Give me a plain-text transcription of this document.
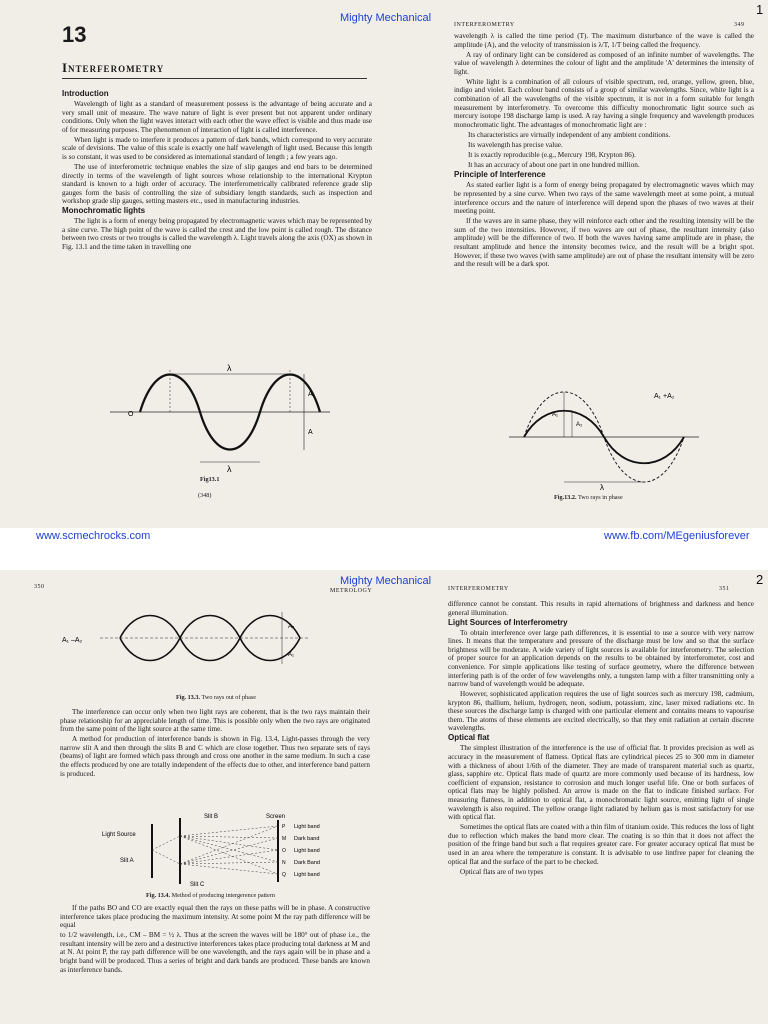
13
Interferometry

Introduction

Wavelength of light as a standard of measurement possess is the advantage of being accurate and a very small unit of measure. The wave nature of light is ever present but not apparent under ordinary conditions. Only when the light waves interact with each other the wave effect is visible and thus made use of for measuring purposes. The phenomenon of interaction of light is called interference.

When light is made to interfere it produces a pattern of dark bands, which correspond to very accurate scale of devisions. The value of this scale is exactly one half wavelength of light used. Because this length is so constant, it was used to be considered as international standard of length ; a few years ago.

The use of interferometric technique enables the size of slip gauges and end bars to be determined directly in terms of the wavelength of light sources whose relationship to the international Krypton standard is known to a high order of accuracy. The interferometrically calibrated reference grade slip gauges form the basis of controlling the size of subsidiary length standards, such as inspection and workshop grade slip gauges, setting masters etc., used in manufacturing industries.

Monochromatic lights

The light is a form of energy being propagated by electromagnetic waves which may be represented by a sine curve. The high point of the wave is called the crest and the low point is called rough. The distance between two crests or two troughs is called the wavelength λ. Light travels along the axis (OX) as shown in Fig. 13.1 and the time taken in travelling one

λ
λ
O
A
A
Fig13.1
(348)
INTERFEROMETRY	349

wavelength λ is called the time period (T). The maximum disturbance of the wave is called the amplitude (A), and the velocity of transmission is λ/T, 1/T being called the frequency.

A ray of ordinary light can be considered as composed of an infinite number of wavelengths. The value of wavelength λ determines the colour of light and the amplitude 'A' determines the intensity of light.

White light is a combination of all colours of visible spectrum, red, orange, yellow, green, blue, indigo and violet. Each colour band consists of a group of similar wavelengths. Since, white light is a combination of all the wavelengths of the visible spectrum, it is not in a form suitable for length measurement by interferometry. To overcome this difficulty monochromatic light source such as mercury isotope 198 discharge lamp is used. A ray having a single frequency and wavelength produces monochromatic light. The advantages of monochromatic light are :

Its characteristics are virtually independent of any ambient conditions.
Its wavelength has precise value.
It is exactly reproducible (e.g., Mercury 198, Krypton 86).
It has an accuracy of about one part in one hundred million.

Principle of Interference

As stated earlier light is a form of energy being propagated by electromagnetic waves which may be represented by a sine curve. When two rays of the same wavelength meet at some point, a mutual interference occurs and the nature of interference will depend upon the phases of two waves at their meeting point.

If the waves are in same phase, they will reinforce each other and the resulting intensity will be the sum of the two intensities. However, if two waves are out of phase, the resultant intensity (also amplitude) will be the difference of two. If both the waves having same amplitude are in phase, the resultant amplitude and hence the intensity becomes twice, and the result will be a bright spot. However, if these two waves (with same amplitude) are out of phase the resultant intensity will be zero and the result will be a dark spot.

A₁ +A₂
A₁
A₂
λ
Fig.13.2. Two rays in phase
350
METROLOGY
A₁ –A₂
A₂
A₁
Fig. 13.3. Two rays out of phase

The interference can occur only when two light rays are coherent, that is the two rays maintain their phase relationship for an appreciable length of time. This is possible only when the two rays are originated from the same point of the light source at the same time.

A method for production of interference bands is shown in Fig. 13.4, Light-passes through the very narrow slit A and then through the slits B and C which are close together. Thus two separate sets of rays (beams) of light are formed which pass through and cross one another in the same medium. In such a case the effects produced by one are totally independent of the effects due to other, and interference band pattern is produced.

Slit B	Screen
Light Source
Slit A
Slit C
P
M
O
N
Q
Light band
Dark band
Light band
Dark Band
Light band
Fig. 13.4. Method of producing intergerence pattern

If the paths BO and CO are exactly equal then the rays on these paths will be in phase. A constructive interference takes place producing the maximum intensity. At some point M the ray path difference will be equal

to 1/2 wavelength, i.e., CM – BM = ½ λ. Thus at the screen the waves will be 180° out of phase i.e., the resultant intensity will be zero and a destructive interferences takes place producing total darkness at M and at N. At point P, the ray path difference will be one wavelength, and the rays again will be in phase and a bright band will be produced. Thus a series of bright and dark bands are produced. These bands are known as interference bands.

INTERFEROMETRY	351

difference cannot be constant. This results in rapid alternations of brightness and darkness and hence general illumination.

Light Sources of Interferometry

To obtain interference over large path differences, it is essential to use a source with very narrow lines. It means that the temperature and pressure of the discharge must be low and so that the surface brightness will be moderate. A wide variety of light sources is available for interferometry. The selection of proper source for an application depends on the results to be obtained by interferometer, cost and convenience. For simple applications like testing of surface geometry, where the difference between interfering path is of the order of few wavelengths only, a tungsten lamp with a filter transmitting only a narrow band of wavelength would be adequate.

However, sophisticated application requires the use of light sources such as mercury 198, cadmium, krypton 86, thallium, helium, hydrogen, neon, sodium, potassium, zinc, laser mixed radiations etc. In these sources the discharge lamp is charged with one particular element and contains means to vapourise them. The atoms of these elements are excited electrically, so that they emit radiation at certain discrete wavelengths.

Optical flat

The simplest illustration of the interference is the use of official flat. It provides precision as well as accuracy in the measurement of flatness. Optical flats are cylindrical pieces 25 to 300 mm in diameter with a thickness of about 1/6th of the diameter. They are made of transparent material such as quartz, glass, sapphire etc. Optical flats made of quartz are more commonly used because of its hardness, low coefficient of expansion, resistance to corrosion and much longer useful life. One or both surfaces of optical flats may be highly polished. An arrow is made on the flat to indicate finished surface. For measuring flatness, in addition to optical flat, a monochromatic light source, emitting light of single wavelength is also required. The yellow orange light radiated by helium gas is most satisfactory for use with optical flat.

Sometimes the optical flats are coated with a thin film of titanium oxide. This reduces the loss of light due to reflection which makes the band more clear. The coating is so thin that it does not affect the position of the fringe band but such a flat requires greater care. For greater accuracy optical flat must be used in an area where the temperature is constant. It is advisable to use lintfree paper for cleaning the optical flat and the surface of the part to be checked.

Optical flats are of two types

Mighty Mechanical
Mighty Mechanical
1
2
www.scmechrocks.com	www.fb.com/MEgeniusforever
